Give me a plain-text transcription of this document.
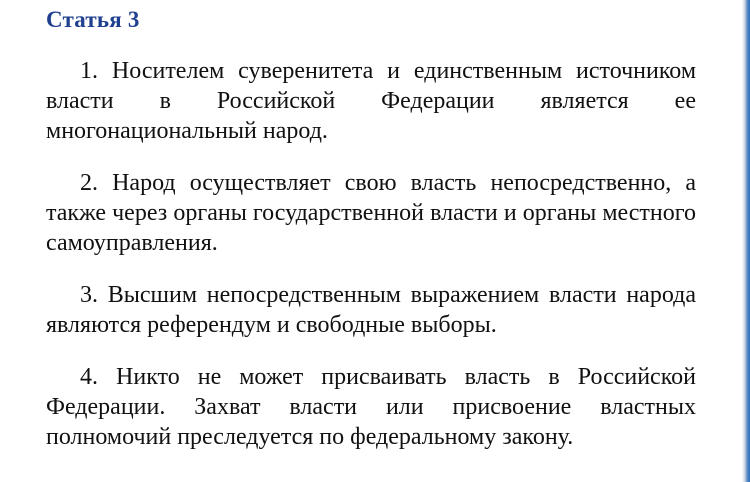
Статья 3

1. Носителем суверенитета и единственным источником власти в Российской Федерации является ее многонациональный народ.

2. Народ осуществляет свою власть непосредственно, а также через органы государственной власти и органы местного самоуправления.

3. Высшим непосредственным выражением власти народа являются референдум и свободные выборы.

4. Никто не может присваивать власть в Российской Федерации. Захват власти или присвоение властных полномочий преследуется по федеральному закону.
